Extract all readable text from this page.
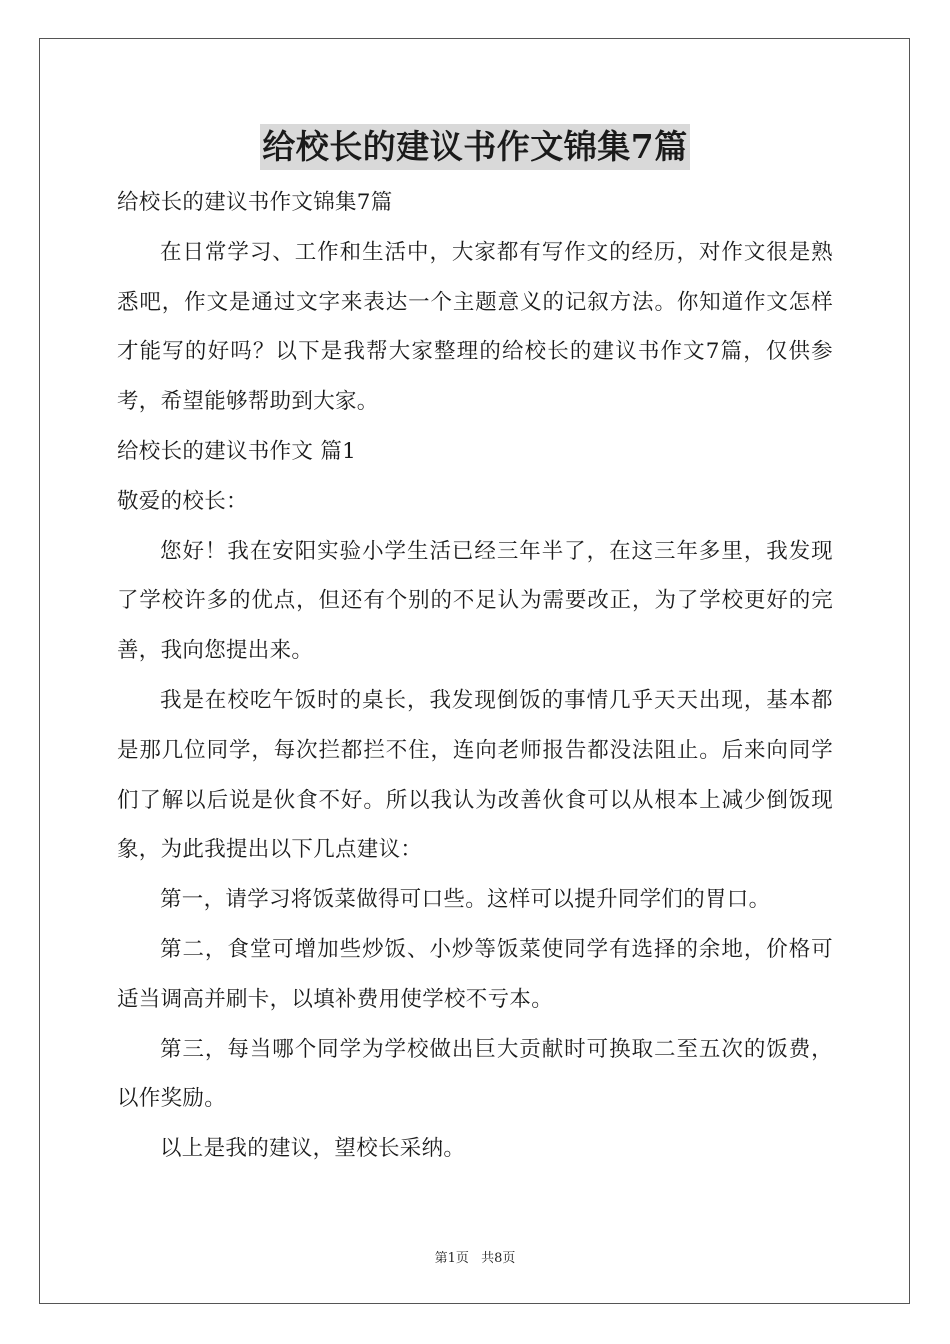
给校长的建议书作文锦集7篇

给校长的建议书作文锦集7篇

在日常学习、工作和生活中，大家都有写作文的经历，对作文很是熟悉吧，作文是通过文字来表达一个主题意义的记叙方法。你知道作文怎样才能写的好吗？以下是我帮大家整理的给校长的建议书作文7篇，仅供参考，希望能够帮助到大家。

给校长的建议书作文 篇1

敬爱的校长：

您好！我在安阳实验小学生活已经三年半了，在这三年多里，我发现了学校许多的优点，但还有个别的不足认为需要改正，为了学校更好的完善，我向您提出来。

我是在校吃午饭时的桌长，我发现倒饭的事情几乎天天出现，基本都是那几位同学，每次拦都拦不住，连向老师报告都没法阻止。后来向同学们了解以后说是伙食不好。所以我认为改善伙食可以从根本上减少倒饭现象，为此我提出以下几点建议：

第一，请学习将饭菜做得可口些。这样可以提升同学们的胃口。

第二，食堂可增加些炒饭、小炒等饭菜使同学有选择的余地，价格可适当调高并刷卡，以填补费用使学校不亏本。

第三，每当哪个同学为学校做出巨大贡献时可换取二至五次的饭费，以作奖励。

以上是我的建议，望校长采纳。

第1页 共8页
